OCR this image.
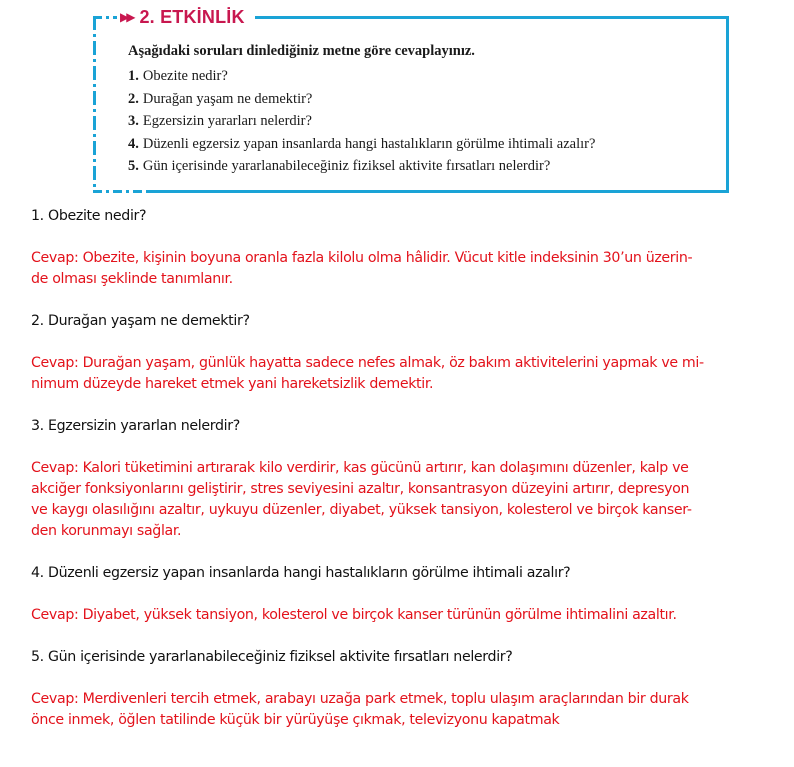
▶▶ 2. ETKİNLİK
Aşağıdaki soruları dinlediğiniz metne göre cevaplayınız.
1. Obezite nedir?
2. Durağan yaşam ne demektir?
3. Egzersizin yararları nelerdir?
4. Düzenli egzersiz yapan insanlarda hangi hastalıkların görülme ihtimali azalır?
5. Gün içerisinde yararlanabileceğiniz fiziksel aktivite fırsatları nelerdir?

1. Obezite nedir?

Cevap: Obezite, kişinin boyuna oranla fazla kilolu olma hâlidir. Vücut kitle indeksinin 30’un üzerin-
de olması şeklinde tanımlanır.

2. Durağan yaşam ne demektir?

Cevap: Durağan yaşam, günlük hayatta sadece nefes almak, öz bakım aktivitelerini yapmak ve mi-
nimum düzeyde hareket etmek yani hareketsizlik demektir.

3. Egzersizin yararlan nelerdir?

Cevap: Kalori tüketimini artırarak kilo verdirir, kas gücünü artırır, kan dolaşımını düzenler, kalp ve
akciğer fonksiyonlarını geliştirir, stres seviyesini azaltır, konsantrasyon düzeyini artırır, depresyon
ve kaygı olasılığını azaltır, uykuyu düzenler, diyabet, yüksek tansiyon, kolesterol ve birçok kanser-
den korunmayı sağlar.

4. Düzenli egzersiz yapan insanlarda hangi hastalıkların görülme ihtimali azalır?

Cevap: Diyabet, yüksek tansiyon, kolesterol ve birçok kanser türünün görülme ihtimalini azaltır.

5. Gün içerisinde yararlanabileceğiniz fiziksel aktivite fırsatları nelerdir?

Cevap: Merdivenleri tercih etmek, arabayı uzağa park etmek, toplu ulaşım araçlarından bir durak
önce inmek, öğlen tatilinde küçük bir yürüyüşe çıkmak, televizyonu kapatmak
